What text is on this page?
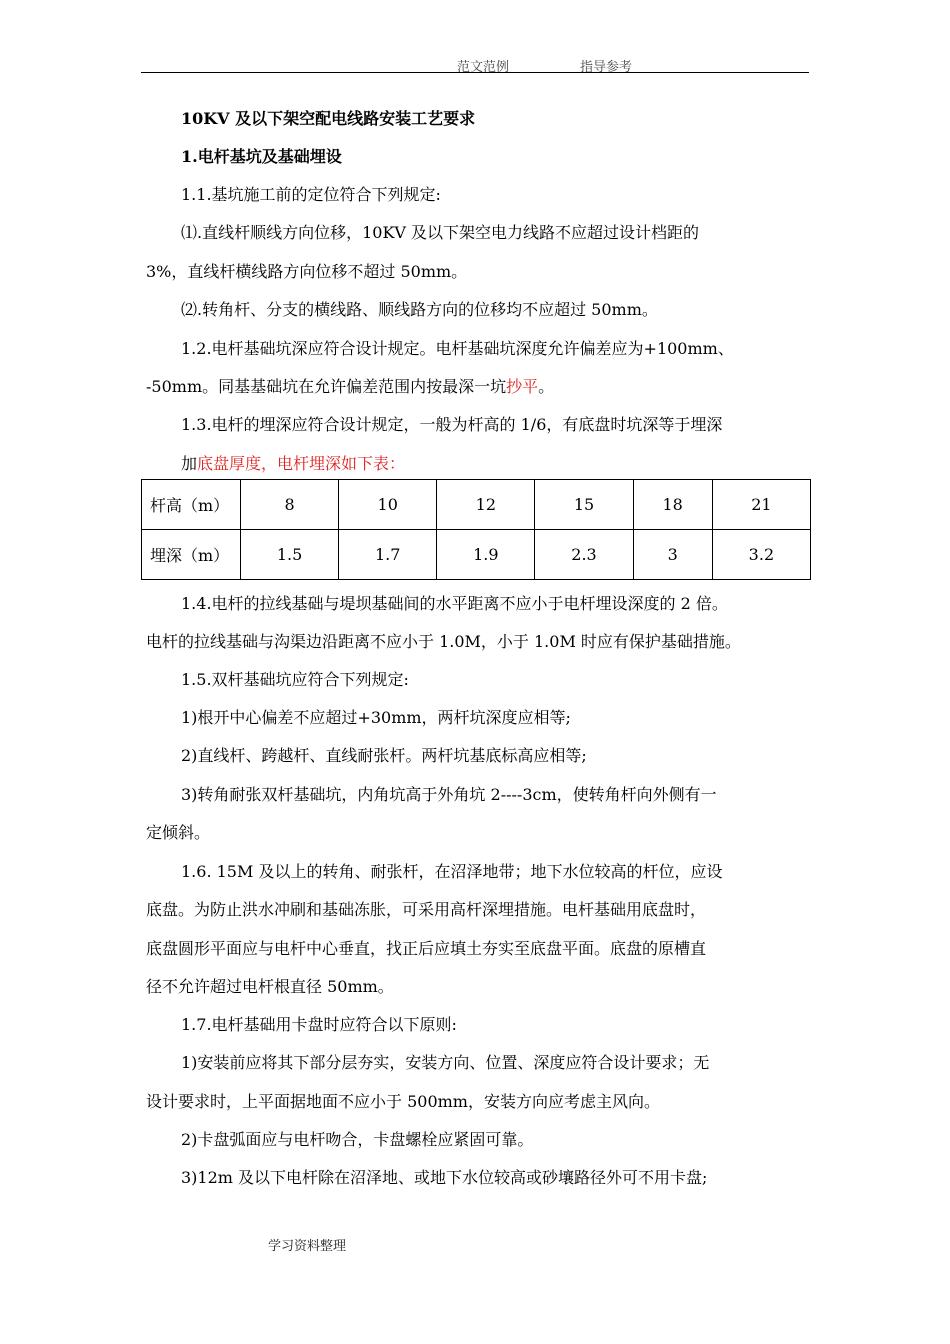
范文范例	指导参考
10KV 及以下架空配电线路安装工艺要求
1.电杆基坑及基础埋设
1.1.基坑施工前的定位符合下列规定:
⑴.直线杆顺线方向位移，10KV 及以下架空电力线路不应超过设计档距的
3%，直线杆横线路方向位移不超过 50mm。
⑵.转角杆、分支的横线路、顺线路方向的位移均不应超过 50mm。
1.2.电杆基础坑深应符合设计规定。电杆基础坑深度允许偏差应为+100mm、
-50mm。同基基础坑在允许偏差范围内按最深一坑抄平。
1.3.电杆的埋深应符合设计规定，一般为杆高的 1/6，有底盘时坑深等于埋深
加底盘厚度，电杆埋深如下表：
杆高（m）	8	10	12	15	18	21
埋深（m）	1.5	1.7	1.9	2.3	3	3.2
1.4.电杆的拉线基础与堤坝基础间的水平距离不应小于电杆埋设深度的 2 倍。
电杆的拉线基础与沟渠边沿距离不应小于 1.0M，小于 1.0M 时应有保护基础措施。
1.5.双杆基础坑应符合下列规定:
1)根开中心偏差不应超过+30mm，两杆坑深度应相等;
2)直线杆、跨越杆、直线耐张杆。两杆坑基底标高应相等;
3)转角耐张双杆基础坑，内角坑高于外角坑 2----3cm，使转角杆向外侧有一
定倾斜。
1.6. 15M 及以上的转角、耐张杆，在沼泽地带；地下水位较高的杆位，应设
底盘。为防止洪水冲刷和基础冻胀，可采用高杆深埋措施。电杆基础用底盘时，
底盘圆形平面应与电杆中心垂直，找正后应填土夯实至底盘平面。底盘的原槽直
径不允许超过电杆根直径 50mm。
1.7.电杆基础用卡盘时应符合以下原则:
1)安装前应将其下部分层夯实，安装方向、位置、深度应符合设计要求；无
设计要求时，上平面据地面不应小于 500mm，安装方向应考虑主风向。
2)卡盘弧面应与电杆吻合，卡盘螺栓应紧固可靠。
3)12m 及以下电杆除在沼泽地、或地下水位较高或砂壤路径外可不用卡盘;
学习资料整理
